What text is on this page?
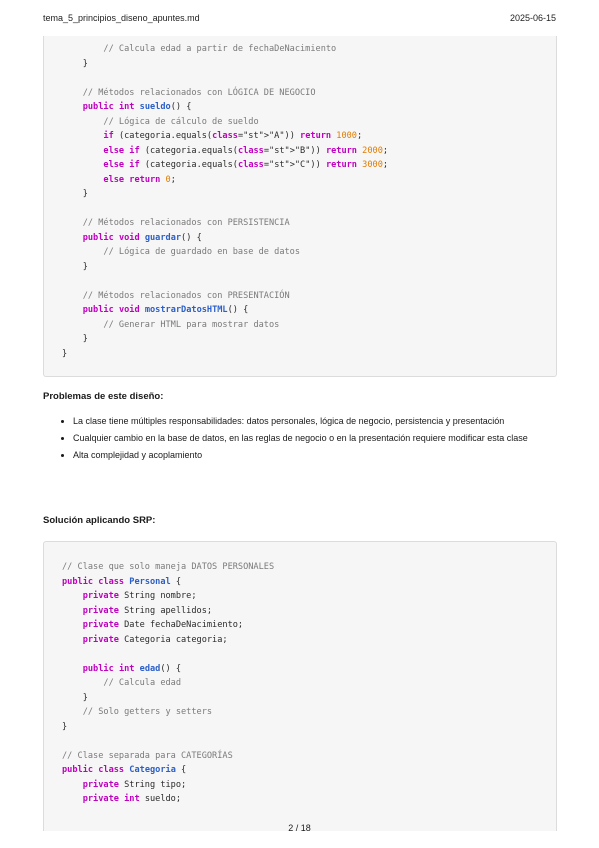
tema_5_principios_diseno_apuntes.md	2025-06-15
// Calcula edad a partir de fechaDeNacimiento
}

// Métodos relacionados con LÓGICA DE NEGOCIO
public int sueldo() {
// Lógica de cálculo de sueldo
if (categoria.equals(class="st">"A")) return 1000;
else if (categoria.equals(class="st">"B")) return 2000;
else if (categoria.equals(class="st">"C")) return 3000;
else return 0;
}

// Métodos relacionados con PERSISTENCIA
public void guardar() {
// Lógica de guardado en base de datos
}

// Métodos relacionados con PRESENTACIÓN
public void mostrarDatosHTML() {
// Generar HTML para mostrar datos
}
}
Problemas de este diseño:
• La clase tiene múltiples responsabilidades: datos personales, lógica de negocio, persistencia y presentación
• Cualquier cambio en la base de datos, en las reglas de negocio o en la presentación requiere modificar esta clase
• Alta complejidad y acoplamiento
Solución aplicando SRP:
// Clase que solo maneja DATOS PERSONALES
public class Personal {
private String nombre;
private String apellidos;
private Date fechaDeNacimiento;
private Categoria categoria;

public int edad() {
// Calcula edad
}
// Solo getters y setters
}

// Clase separada para CATEGORÍAS
public class Categoria {
private String tipo;
private int sueldo;
2 / 18
